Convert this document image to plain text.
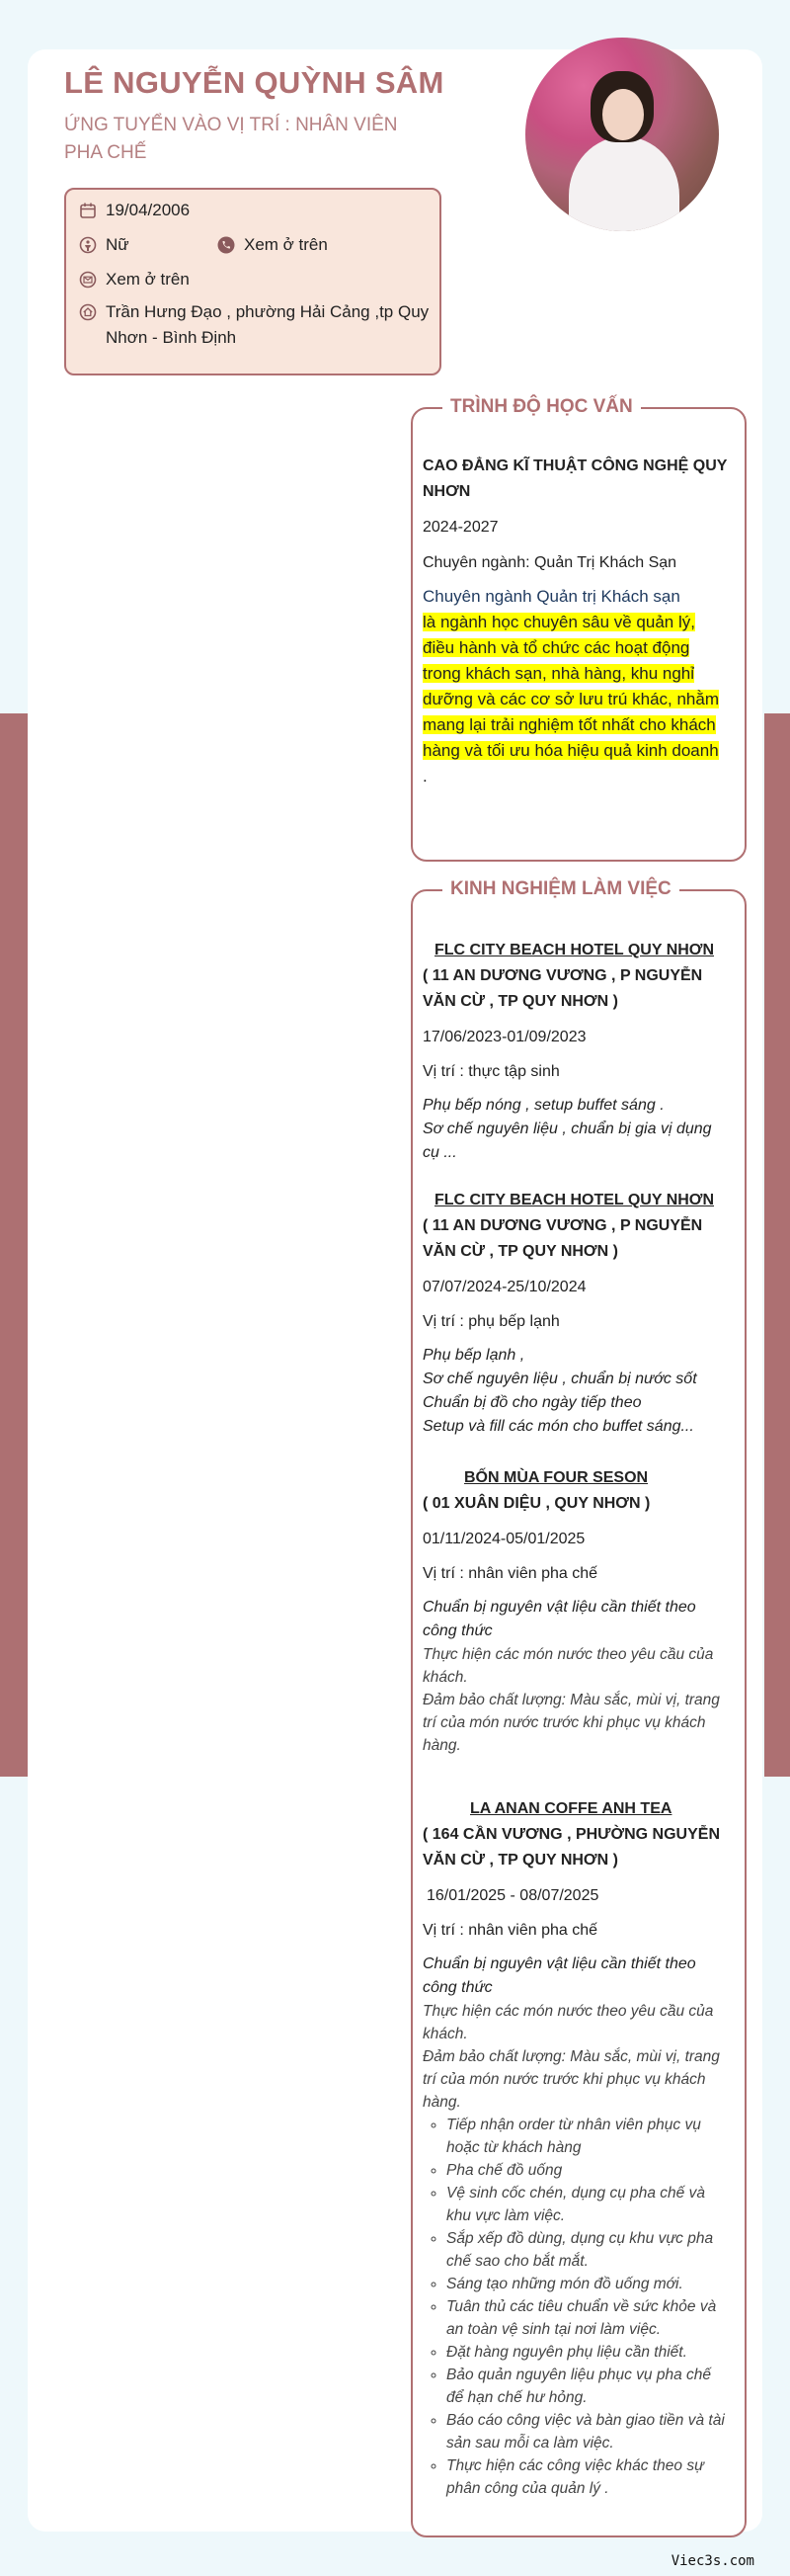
LÊ NGUYỄN QUỲNH SÂM
ỨNG TUYỂN VÀO VỊ TRÍ : NHÂN VIÊN PHA CHẾ
19/04/2006
Nữ	Xem ở trên
Xem ở trên
Trần Hưng Đạo , phường Hải Cảng ,tp Quy Nhơn - Bình Định
TRÌNH ĐỘ HỌC VẤN
CAO ĐẲNG KĨ THUẬT CÔNG NGHỆ QUY NHƠN
2024-2027
Chuyên ngành: Quản Trị Khách Sạn
Chuyên ngành Quản trị Khách sạn
là ngành học chuyên sâu về quản lý, điều hành và tổ chức các hoạt động trong khách sạn, nhà hàng, khu nghỉ dưỡng và các cơ sở lưu trú khác, nhằm mang lại trải nghiệm tốt nhất cho khách hàng và tối ưu hóa hiệu quả kinh doanh
.
KINH NGHIỆM LÀM VIỆC
FLC CITY BEACH HOTEL QUY NHƠN
( 11 AN DƯƠNG VƯƠNG , P NGUYỄN VĂN CỪ , TP QUY NHƠN )
17/06/2023-01/09/2023
Vị trí : thực tập sinh
Phụ bếp nóng , setup buffet sáng .
Sơ chế nguyên liệu , chuẩn bị gia vị dụng cụ ...
FLC CITY BEACH HOTEL QUY NHƠN
( 11 AN DƯƠNG VƯƠNG , P NGUYỄN VĂN CỪ , TP QUY NHƠN )
07/07/2024-25/10/2024
Vị trí : phụ bếp lạnh
Phụ bếp lạnh ,
Sơ chế nguyên liệu , chuẩn bị nước sốt
Chuẩn bị đồ cho ngày tiếp theo
Setup và fill các món cho buffet sáng...
BỐN MÙA FOUR SESON
( 01 XUÂN DIỆU , QUY NHƠN )
01/11/2024-05/01/2025
Vị trí : nhân viên pha chế
Chuẩn bị nguyên vật liệu cần thiết theo công thức
Thực hiện các món nước theo yêu cầu của khách.
Đảm bảo chất lượng: Màu sắc, mùi vị, trang trí của món nước trước khi phục vụ khách hàng.
LA ANAN COFFE ANH TEA
( 164 CẦN VƯƠNG , PHƯỜNG NGUYỄN VĂN CỪ , TP QUY NHƠN )
16/01/2025 - 08/07/2025
Vị trí : nhân viên pha chế
Chuẩn bị nguyên vật liệu cần thiết theo công thức
Thực hiện các món nước theo yêu cầu của khách.
Đảm bảo chất lượng: Màu sắc, mùi vị, trang trí của món nước trước khi phục vụ khách hàng.
◦ Tiếp nhận order từ nhân viên phục vụ hoặc từ khách hàng
◦ Pha chế đồ uống
◦ Vệ sinh cốc chén, dụng cụ pha chế và khu vực làm việc.
◦ Sắp xếp đồ dùng, dụng cụ khu vực pha chế sao cho bắt mắt.
◦ Sáng tạo những món đồ uống mới.
◦ Tuân thủ các tiêu chuẩn về sức khỏe và an toàn vệ sinh tại nơi làm việc.
◦ Đặt hàng nguyên phụ liệu cần thiết.
◦ Bảo quản nguyên liệu phục vụ pha chế để hạn chế hư hỏng.
◦ Báo cáo công việc và bàn giao tiền và tài sản sau mỗi ca làm việc.
◦ Thực hiện các công việc khác theo sự phân công của quản lý .
Viec3s.com
